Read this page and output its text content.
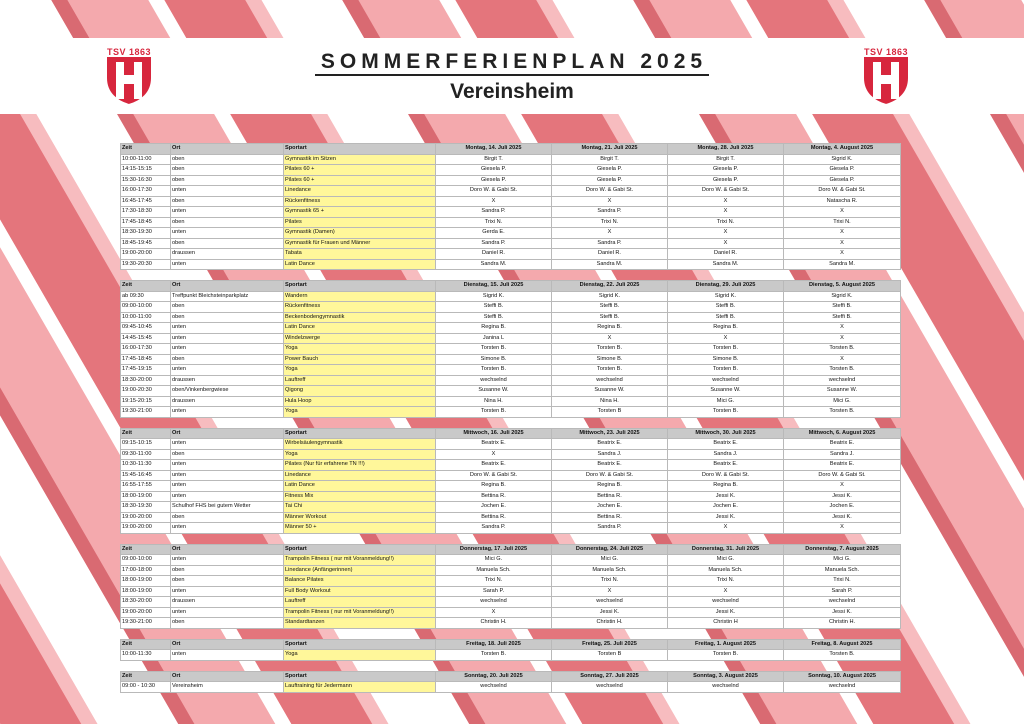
TSV 1863	TSV 1863
SOMMERFERIENPLAN 2025
Vereinsheim
Zeit	Ort	Sportart	Montag, 14. Juli 2025	Montag, 21. Juli 2025	Montag, 28. Juli 2025	Montag, 4. August 2025
10:00-11:00	oben	Gymnastik im Sitzen	Birgit T.	Birgit T.	Birgit T.	Sigrid K.
14:15-15:15	oben	Pilates 60 +	Giesela P.	Giesela P.	Giesela P.	Giesela P.
15:30-16:30	oben	Pilates 60 +	Giesela P.	Giesela P.	Giesela P.	Giesela P.
16:00-17:30	unten	Linedance	Doro W. & Gabi St.	Doro W. & Gabi St.	Doro W. & Gabi St.	Doro W. & Gabi St.
16:45-17:45	oben	Rückenfitness	X	X	X	Natascha R.
17:30-18:30	unten	Gymnastik 65 +	Sandra P.	Sandra P.	X	X
17:45-18:45	oben	Pilates	Trixi N.	Trixi N.	Trixi N.	Trixi N.
18:30-19:30	unten	Gymnastik (Damen)	Gerda E.	X	X	X
18:45-19:45	oben	Gymnastik für Frauen und Männer	Sandra P.	Sandra P.	X	X
19:00-20:00	draussen	Tabata	Daniel R.	Daniel R.	Daniel R.	X
19:30-20:30	unten	Latin Dance	Sandra M.	Sandra M.	Sandra M.	Sandra M.
Zeit	Ort	Sportart	Dienstag, 15. Juli 2025	Dienstag, 22. Juli 2025	Dienstag, 29. Juli 2025	Dienstag, 5. August 2025
ab 09:30	Treffpunkt Bleichsteinparkplatz	Wandern	Sigrid K.	Sigrid K.	Sigrid K.	Sigrid K.
09:00-10:00	oben	Rückenfitness	Steffi B.	Steffi B.	Steffi B.	Steffi B.
10:00-11:00	oben	Beckenbodengymnastik	Steffi B.	Steffi B.	Steffi B.	Steffi B.
09:45-10:45	unten	Latin Dance	Regina B.	Regina B.	Regina B.	X
14:45-15:45	unten	Windelzwerge	Janina L	X	X	X
16:00-17:30	unten	Yoga	Torsten B.	Torsten B.	Torsten B.	Torsten B.
17:45-18:45	oben	Power Bauch	Simone B.	Simone B.	Simone B.	X
17:45-19:15	unten	Yoga	Torsten B.	Torsten B.	Torsten B.	Torsten B.
18:30-20:00	draussen	Lauftreff	wechselnd	wechselnd	wechselnd	wechselnd
19:00-20:30	oben/Vinkenbergwiese	Qigong	Susanne W.	Susanne W.	Susanne W.	Susanne W.
19:15-20:15	draussen	Hula Hoop	Nina H.	Nina H.	Mici G.	Mici G.
19:30-21:00	unten	Yoga	Torsten B.	Torsten B	Torsten B.	Torsten B.
Zeit	Ort	Sportart	Mittwoch, 16. Juli 2025	Mittwoch, 23. Juli 2025	Mittwoch, 30. Juli 2025	Mittwoch, 6. August 2025
09:15-10:15	unten	Wirbelsäulengymnastik	Beatrix E.	Beatrix E.	Beatrix E.	Beatrix E.
09:30-11:00	oben	Yoga	X	Sandra J.	Sandra J.	Sandra J.
10:30-11:30	unten	Pilates (Nur für erfahrene TN !!!)	Beatrix E.	Beatrix E.	Beatrix E.	Beatrix E.
15:45-16:45	unten	Linedance	Doro W. & Gabi St.	Doro W. & Gabi St.	Doro W. & Gabi St.	Doro W. & Gabi St.
16:55-17:55	unten	Latin Dance	Regina B.	Regina B.	Regina B.	X
18:00-19:00	unten	Fitness Mix	Bettina R.	Bettina R.	Jessi K.	Jessi K.
18:30-19:30	Schulhof FHS bei gutem Wetter	Tai Chi	Jochen E.	Jochen E.	Jochen E.	Jochen E.
19:00-20:00	oben	Männer Workout	Bettina R.	Bettina R.	Jessi K.	Jessi K.
19:00-20:00	unten	Männer 50 +	Sandra P.	Sandra P.	X	X
Zeit	Ort	Sportart	Donnerstag, 17. Juli 2025	Donnerstag, 24. Juli 2025	Donnerstag, 31. Juli 2025	Donnerstag, 7. August 2025
09:00-10:00	unten	Trampolin Fitness ( nur mit Voranmeldung!!)	Mici G.	Mici G.	Mici G.	Mici G.
17:00-18:00	oben	Linedance (Anfängerinnen)	Manuela Sch.	Manuela Sch.	Manuela Sch.	Manuela Sch.
18:00-19:00	oben	Balance Pilates	Trixi N.	Trixi N.	Trixi N.	Trixi N.
18:00-19:00	unten	Full Body Workout	Sarah P.	X	X	Sarah P.
18:30-20:00	draussen	Lauftreff	wechselnd	wechselnd	wechselnd	wechselnd
19:00-20:00	unten	Trampolin Fitness ( nur mit Voranmeldung!!)	X	Jessi K.	Jessi K.	Jessi K.
19:30-21:00	oben	Standardtanzen	Christin H.	Christin H.	Christin H	Christin H.
Zeit	Ort	Sportart	Freitag, 18. Juli 2025	Freitag, 25. Juli 2025	Freitag, 1. August 2025	Freitag, 8. August 2025
10:00-11:30	unten	Yoga	Torsten B.	Torsten B	Torsten B.	Torsten B.
Zeit	Ort	Sportart	Sonntag, 20. Juli 2025	Sonntag, 27. Juli 2025	Sonntag, 3. August 2025	Sonntag, 10. August 2025
09:00 - 10:30	Vereinsheim	Lauftraining für Jedermann	wechselnd	wechselnd	wechselnd	wechselnd
